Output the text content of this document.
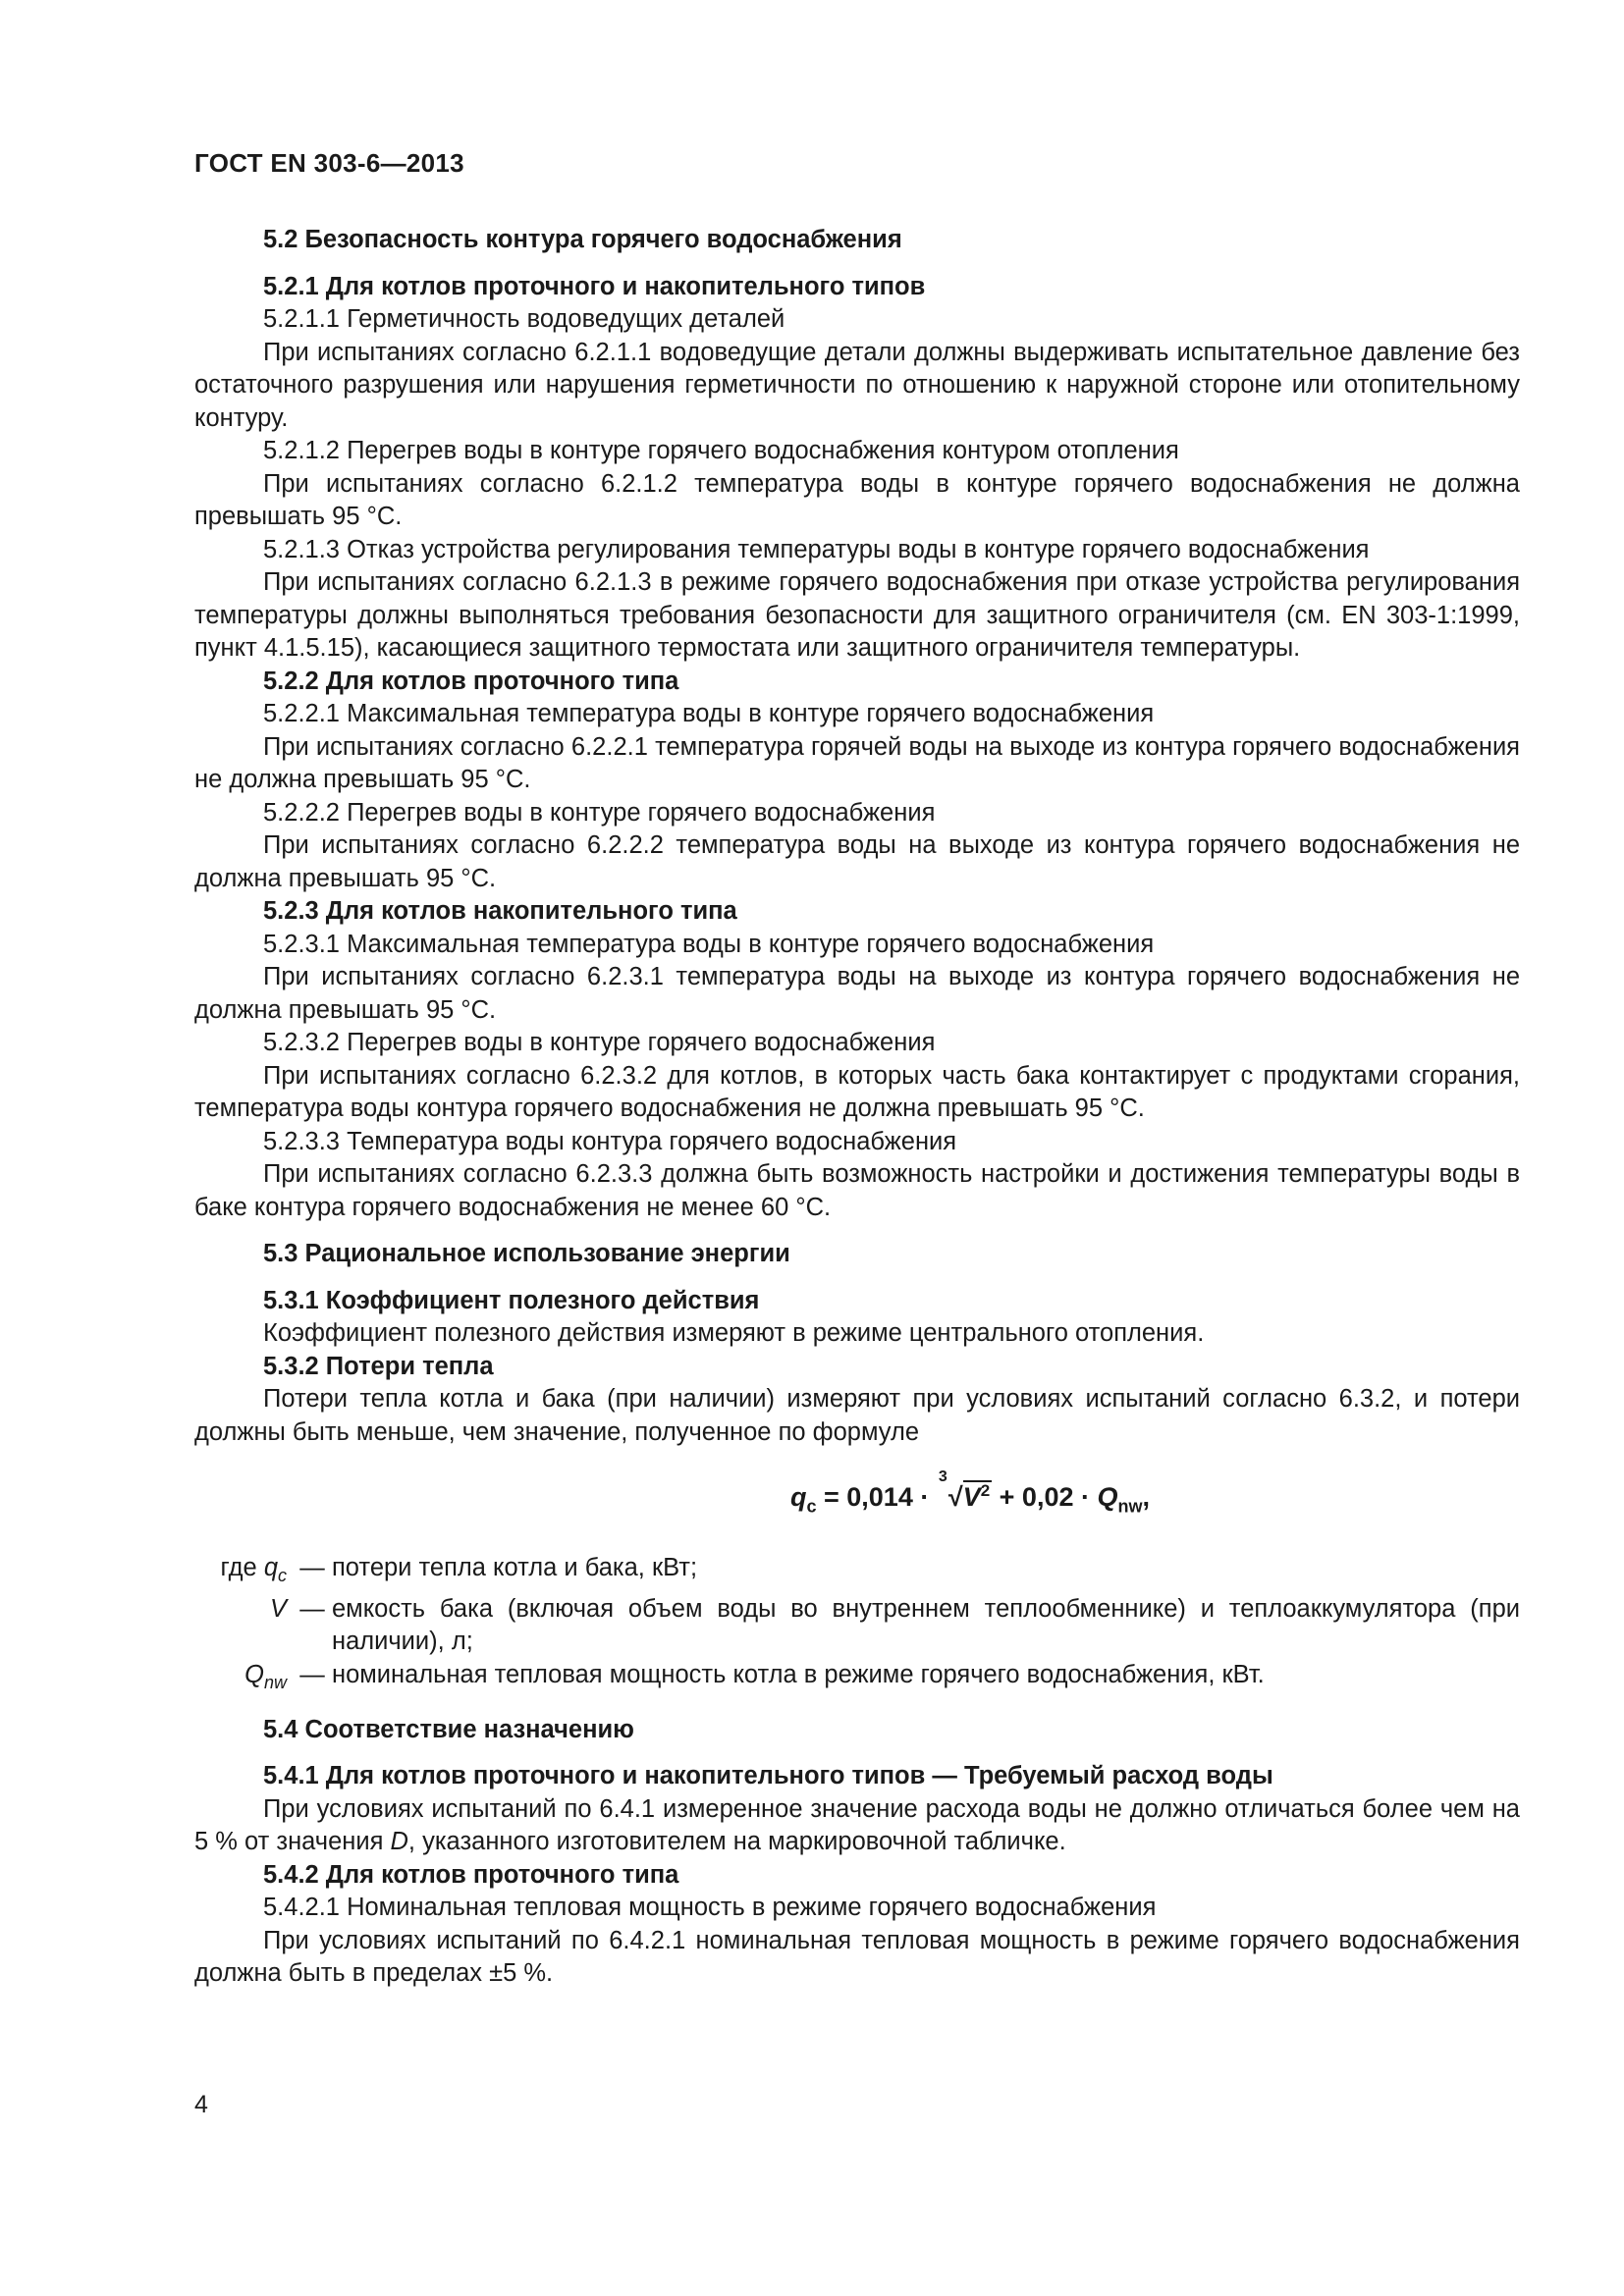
ГОСТ EN 303-6—2013

5.2 Безопасность контура горячего водоснабжения

5.2.1 Для котлов проточного и накопительного типов

5.2.1.1 Герметичность водоведущих деталей

При испытаниях согласно 6.2.1.1 водоведущие детали должны выдерживать испытательное давление без остаточного разрушения или нарушения герметичности по отношению к наружной стороне или отопительному контуру.

5.2.1.2 Перегрев воды в контуре горячего водоснабжения контуром отопления

При испытаниях согласно 6.2.1.2 температура воды в контуре горячего водоснабжения не должна превышать 95 °С.

5.2.1.3 Отказ устройства регулирования температуры воды в контуре горячего водоснабжения

При испытаниях согласно 6.2.1.3 в режиме горячего водоснабжения при отказе устройства регулирования температуры должны выполняться требования безопасности для защитного ограничителя (см. EN 303-1:1999, пункт 4.1.5.15), касающиеся защитного термостата или защитного ограничителя температуры.

5.2.2 Для котлов проточного типа

5.2.2.1 Максимальная температура воды в контуре горячего водоснабжения

При испытаниях согласно 6.2.2.1 температура горячей воды на выходе из контура горячего водоснабжения не должна превышать 95 °С.

5.2.2.2 Перегрев воды в контуре горячего водоснабжения

При испытаниях согласно 6.2.2.2 температура воды на выходе из контура горячего водоснабжения не должна превышать 95 °С.

5.2.3 Для котлов накопительного типа

5.2.3.1 Максимальная температура воды в контуре горячего водоснабжения

При испытаниях согласно 6.2.3.1 температура воды на выходе из контура горячего водоснабжения не должна превышать 95 °С.

5.2.3.2 Перегрев воды в контуре горячего водоснабжения

При испытаниях согласно 6.2.3.2 для котлов, в которых часть бака контактирует с продуктами сгорания, температура воды контура горячего водоснабжения не должна превышать 95 °С.

5.2.3.3 Температура воды контура горячего водоснабжения

При испытаниях согласно 6.2.3.3 должна быть возможность настройки и достижения температуры воды в баке контура горячего водоснабжения не менее 60 °С.

5.3 Рациональное использование энергии

5.3.1 Коэффициент полезного действия

Коэффициент полезного действия измеряют в режиме центрального отопления.

5.3.2 Потери тепла

Потери тепла котла и бака (при наличии) измеряют при условиях испытаний согласно 6.3.2, и потери должны быть меньше, чем значение, полученное по формуле

$q_c = 0,014$ ·
3
$√V^2 + 0,02 \cdot Q_{nw}$,
где $q_c$ — потери тепла котла и бака, кВт;
V — емкость бака (включая объем воды во внутреннем теплообменнике) и теплоаккумулятора (при наличии), л;
$Q_{nw}$ — номинальная тепловая мощность котла в режиме горячего водоснабжения, кВт.

5.4 Соответствие назначению

5.4.1 Для котлов проточного и накопительного типов — Требуемый расход воды

При условиях испытаний по 6.4.1 измеренное значение расхода воды не должно отличаться более чем на 5 % от значения D, указанного изготовителем на маркировочной табличке.

5.4.2 Для котлов проточного типа

5.4.2.1 Номинальная тепловая мощность в режиме горячего водоснабжения

При условиях испытаний по 6.4.2.1 номинальная тепловая мощность в режиме горячего водоснабжения должна быть в пределах ±5 %.

4
